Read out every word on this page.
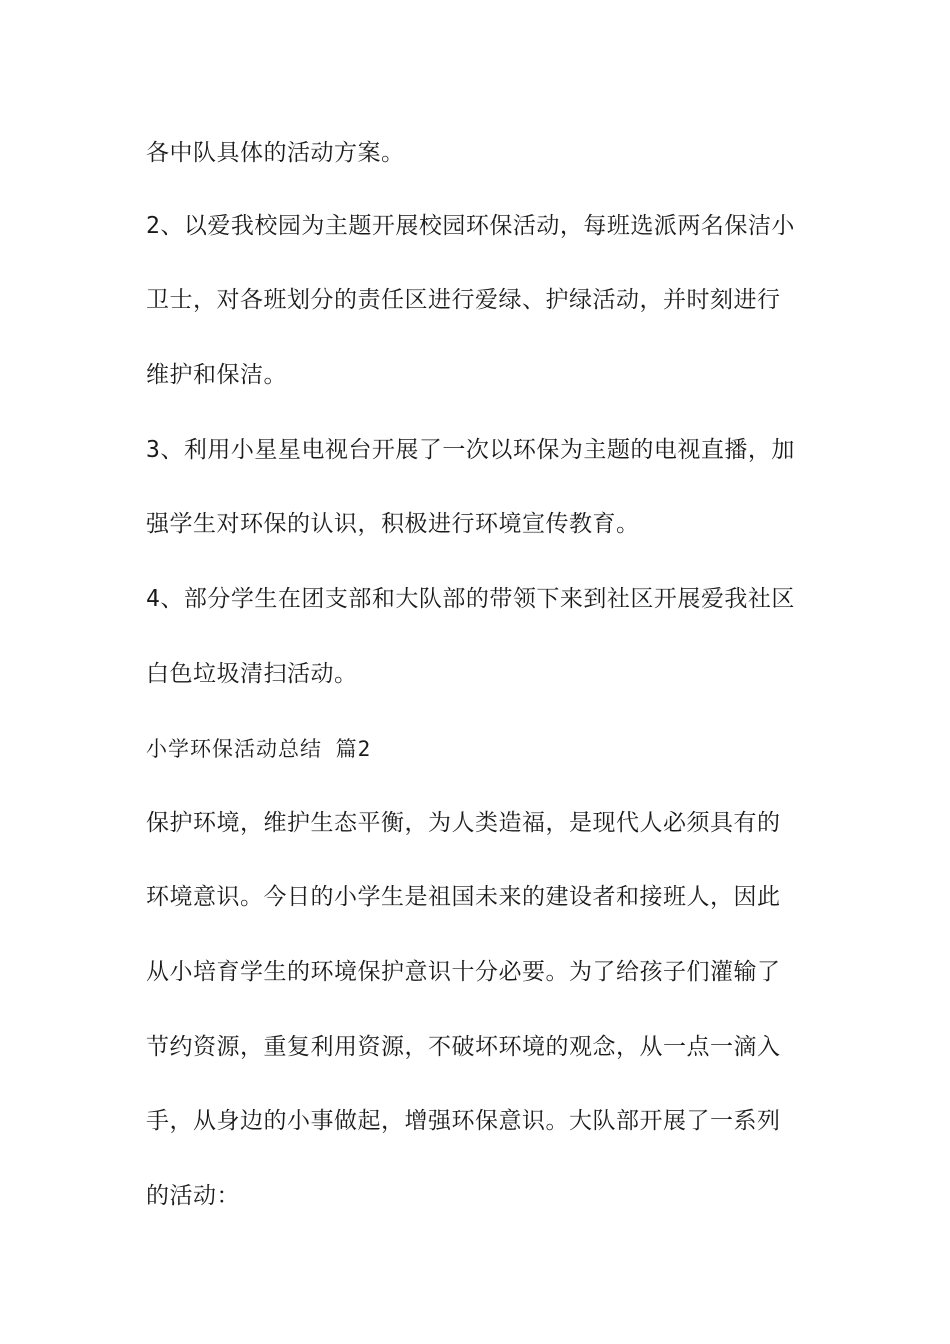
各中队具体的活动方案。
2、以爱我校园为主题开展校园环保活动，每班选派两名保洁小
卫士，对各班划分的责任区进行爱绿、护绿活动，并时刻进行
维护和保洁。
3、利用小星星电视台开展了一次以环保为主题的电视直播，加
强学生对环保的认识，积极进行环境宣传教育。
4、部分学生在团支部和大队部的带领下来到社区开展爱我社区
白色垃圾清扫活动。
小学环保活动总结 篇2
保护环境，维护生态平衡，为人类造福，是现代人必须具有的
环境意识。今日的小学生是祖国未来的建设者和接班人，因此
从小培育学生的环境保护意识十分必要。为了给孩子们灌输了
节约资源，重复利用资源，不破坏环境的观念，从一点一滴入
手，从身边的小事做起，增强环保意识。大队部开展了一系列
的活动：
